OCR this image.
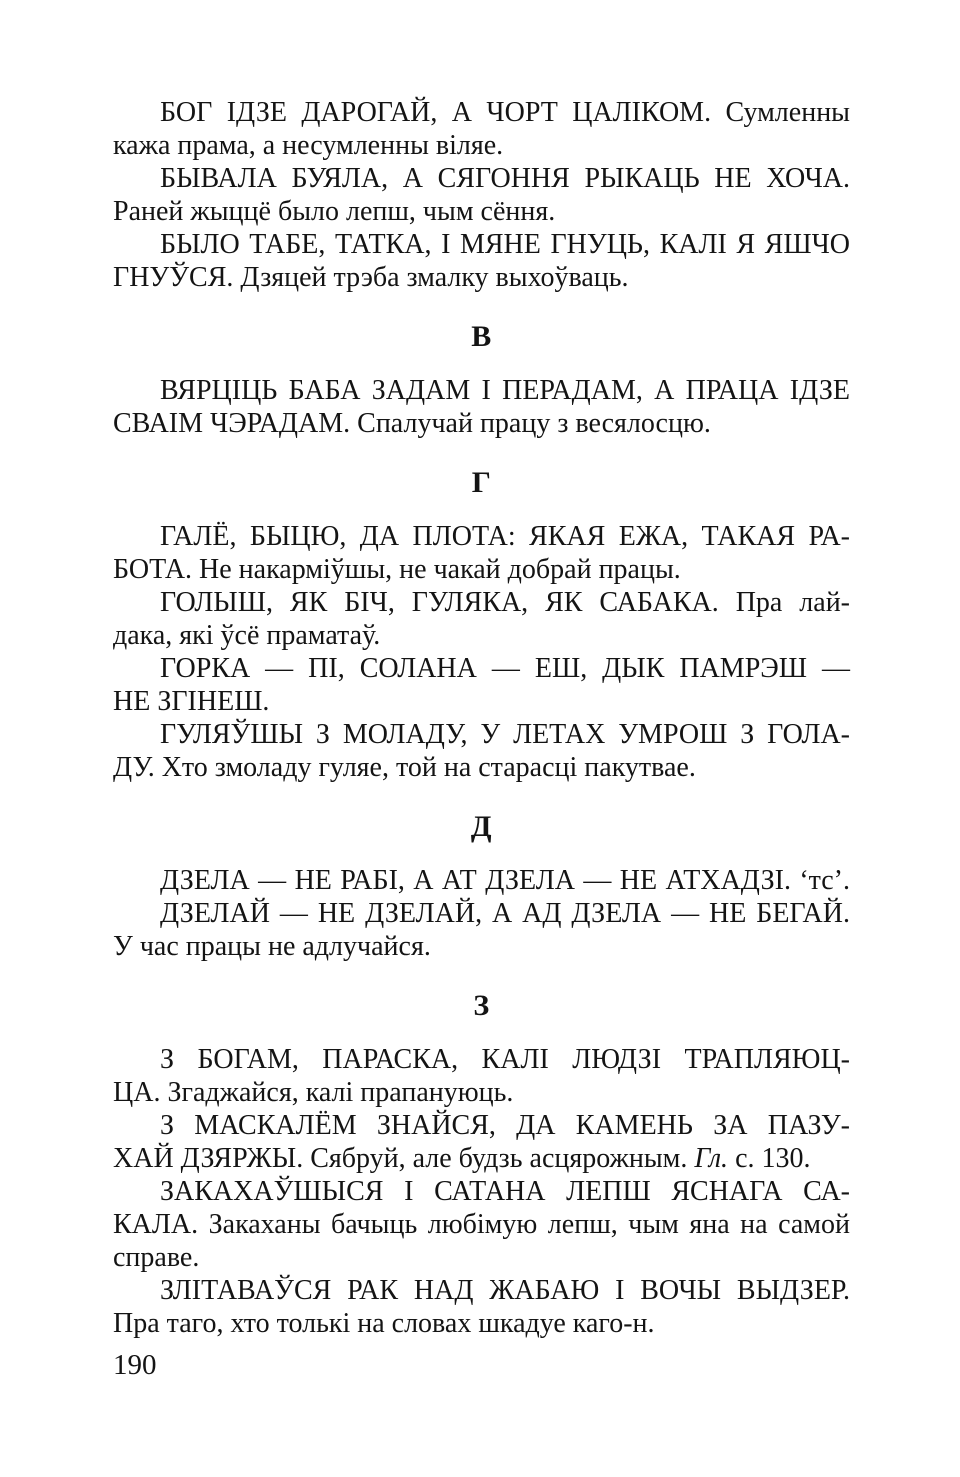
БОГ ІДЗЕ ДАРОГАЙ, А ЧОРТ ЦАЛІКОМ. Сумленны
кажа прама, а несумленны віляе.
БЫВАЛА БУЯЛА, А СЯГОННЯ РЫКАЦЬ НЕ ХОЧА.
Раней жыццё было лепш, чым сёння.
БЫЛО ТАБЕ, ТАТКА, І МЯНЕ ГНУЦЬ, КАЛІ Я ЯШЧО
ГНУЎСЯ. Дзяцей трэба змалку выхоўваць.
В
ВЯРЦІЦЬ БАБА ЗАДАМ І ПЕРАДАМ, А ПРАЦА ІДЗЕ
СВАІМ ЧЭРАДАМ. Спалучай працу з весялосцю.
Г
ГАЛЁ, БЫЦЮ, ДА ПЛОТА: ЯКАЯ ЕЖА, ТАКАЯ РА-
БОТА. Не накарміўшы, не чакай добрай працы.
ГОЛЫШ, ЯК БІЧ, ГУЛЯКА, ЯК САБАКА. Пра лай-
дака, які ўсё праматаў.
ГОРКА — ПІ, СОЛАНА — ЕШ, ДЫК ПАМРЭШ —
НЕ ЗГІНЕШ.
ГУЛЯЎШЫ З МОЛАДУ, У ЛЕТАХ УМРОШ З ГОЛА-
ДУ. Хто змоладу гуляе, той на старасці пакутвае.
Д
ДЗЕЛА — НЕ РАБІ, А АТ ДЗЕЛА — НЕ АТХАДЗІ. ‘тс’.
ДЗЕЛАЙ — НЕ ДЗЕЛАЙ, А АД ДЗЕЛА — НЕ БЕГАЙ.
У час працы не адлучайся.
З
З БОГАМ, ПАРАСКА, КАЛІ ЛЮДЗІ ТРАПЛЯЮЦ-
ЦА. Згаджайся, калі прапануюць.
З МАСКАЛЁМ ЗНАЙСЯ, ДА КАМЕНЬ ЗА ПАЗУ-
ХАЙ ДЗЯРЖЫ. Сябруй, але будзь асцярожным. Гл. с. 130.
ЗАКАХАЎШЫСЯ І САТАНА ЛЕПШ ЯСНАГА СА-
КАЛА. Закаханы бачыць любімую лепш, чым яна на самой
справе.
ЗЛІТАВАЎСЯ РАК НАД ЖАБАЮ І ВОЧЫ ВЫДЗЕР.
Пра таго, хто толькі на словах шкадуе каго-н.
190
